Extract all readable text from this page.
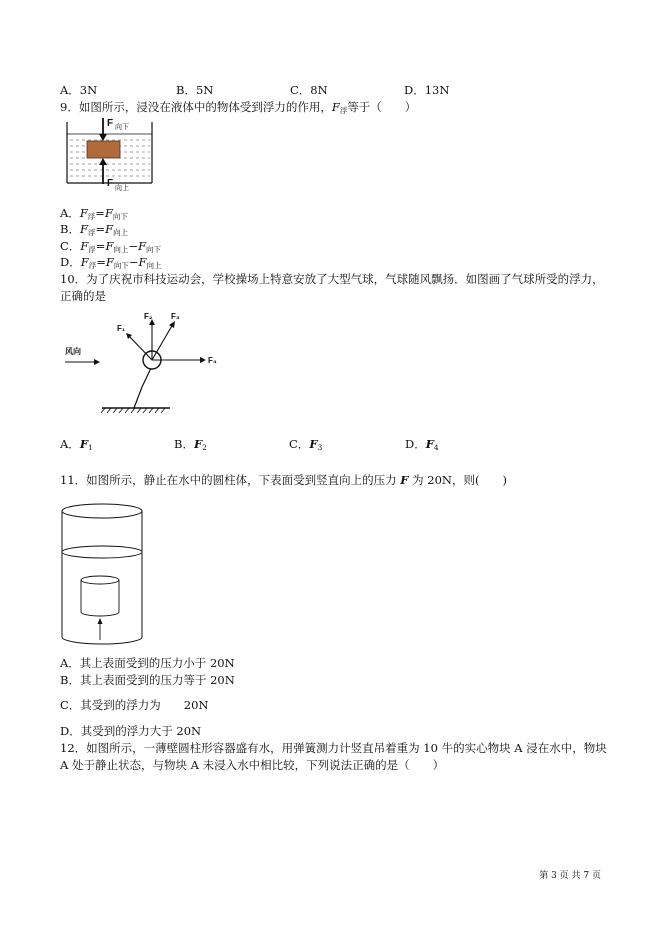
A．3N	B．5N	C．8N	D．13N
9．如图所示，浸没在液体中的物体受到浮力的作用，$F_浮$等于（　　）
F 向下
F 向上
A．$F_浮=F_{向下}$
B．$F_浮=F_{向上}$
C．$F_浮=F_{向上}-F_{向下}$
D．$F_浮=F_{向下}-F_{向上}$
10．为了庆祝市科技运动会，学校操场上特意安放了大型气球，气球随风飘扬．如图画了气球所受的浮力，
正确的是
风向
F₁
F₂ F₃
F₄
A．$F_1$	B．$F_2$	C．$F_3$	D．$F_4$
11．如图所示，静止在水中的圆柱体，下表面受到竖直向上的压力 F 为 20N，则(　　)
A．其上表面受到的压力小于 20N
B．其上表面受到的压力等于 20N
C．其受到的浮力为　　20N
D．其受到的浮力大于 20N
12．如图所示，一薄壁圆柱形容器盛有水，用弹簧测力计竖直吊着重为 10 牛的实心物块 A 浸在水中，物块
A 处于静止状态，与物块 A 未浸入水中相比较，下列说法正确的是（　　）
第 3 页 共 7 页
